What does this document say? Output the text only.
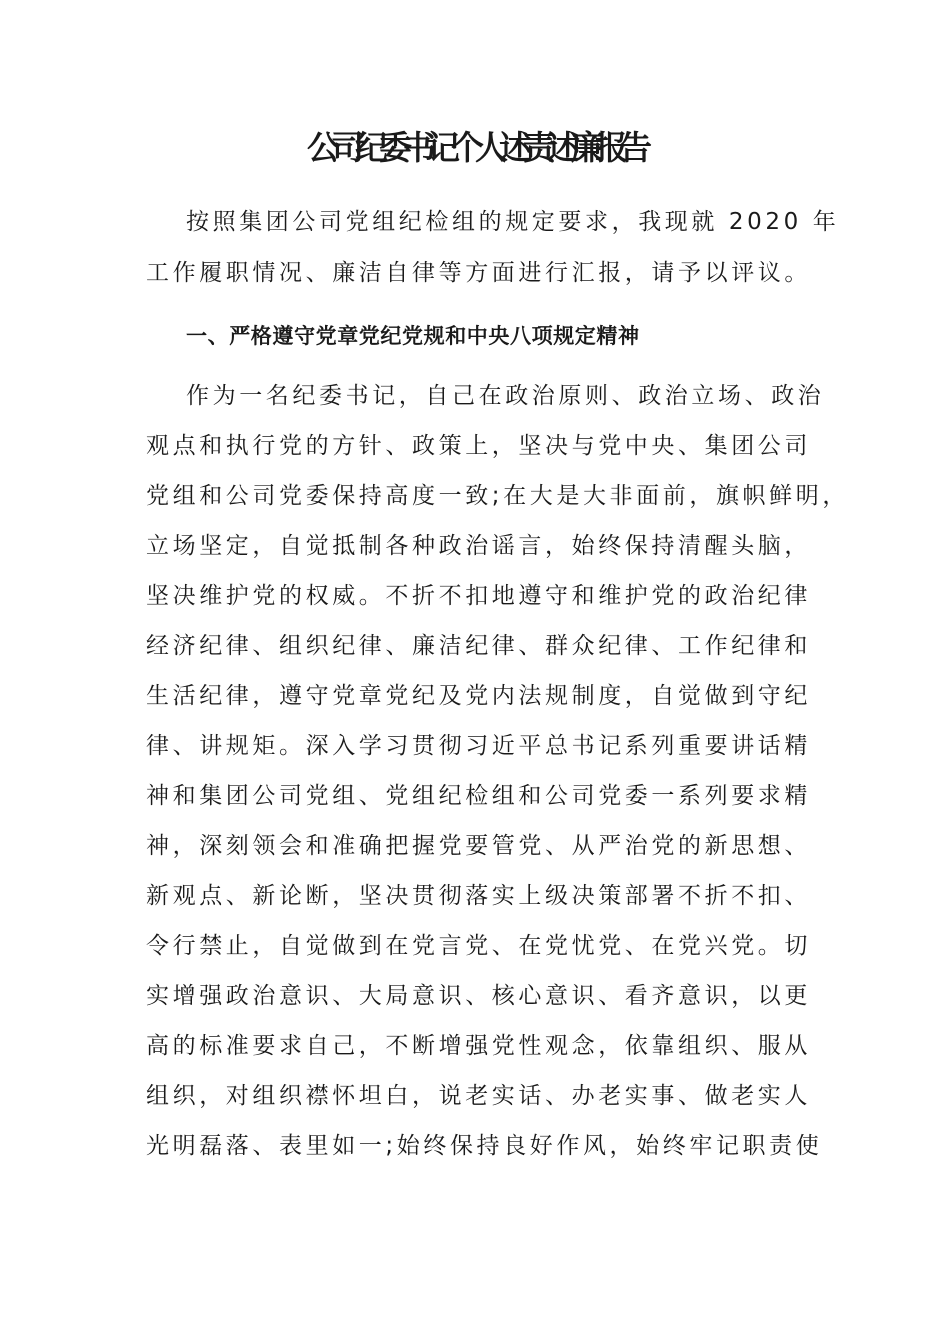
公司纪委书记个人述责述廉报告
按照集团公司党组纪检组的规定要求，我现就 2020 年
工作履职情况、廉洁自律等方面进行汇报，请予以评议。
一、严格遵守党章党纪党规和中央八项规定精神
作为一名纪委书记，自己在政治原则、政治立场、政治
观点和执行党的方针、政策上，坚决与党中央、集团公司
党组和公司党委保持高度一致;在大是大非面前，旗帜鲜明，
立场坚定，自觉抵制各种政治谣言，始终保持清醒头脑，
坚决维护党的权威。不折不扣地遵守和维护党的政治纪律
经济纪律、组织纪律、廉洁纪律、群众纪律、工作纪律和
生活纪律，遵守党章党纪及党内法规制度，自觉做到守纪
律、讲规矩。深入学习贯彻习近平总书记系列重要讲话精
神和集团公司党组、党组纪检组和公司党委一系列要求精
神，深刻领会和准确把握党要管党、从严治党的新思想、
新观点、新论断，坚决贯彻落实上级决策部署不折不扣、
令行禁止，自觉做到在党言党、在党忧党、在党兴党。切
实增强政治意识、大局意识、核心意识、看齐意识，以更
高的标准要求自己，不断增强党性观念，依靠组织、服从
组织，对组织襟怀坦白，说老实话、办老实事、做老实人
光明磊落、表里如一;始终保持良好作风，始终牢记职责使
